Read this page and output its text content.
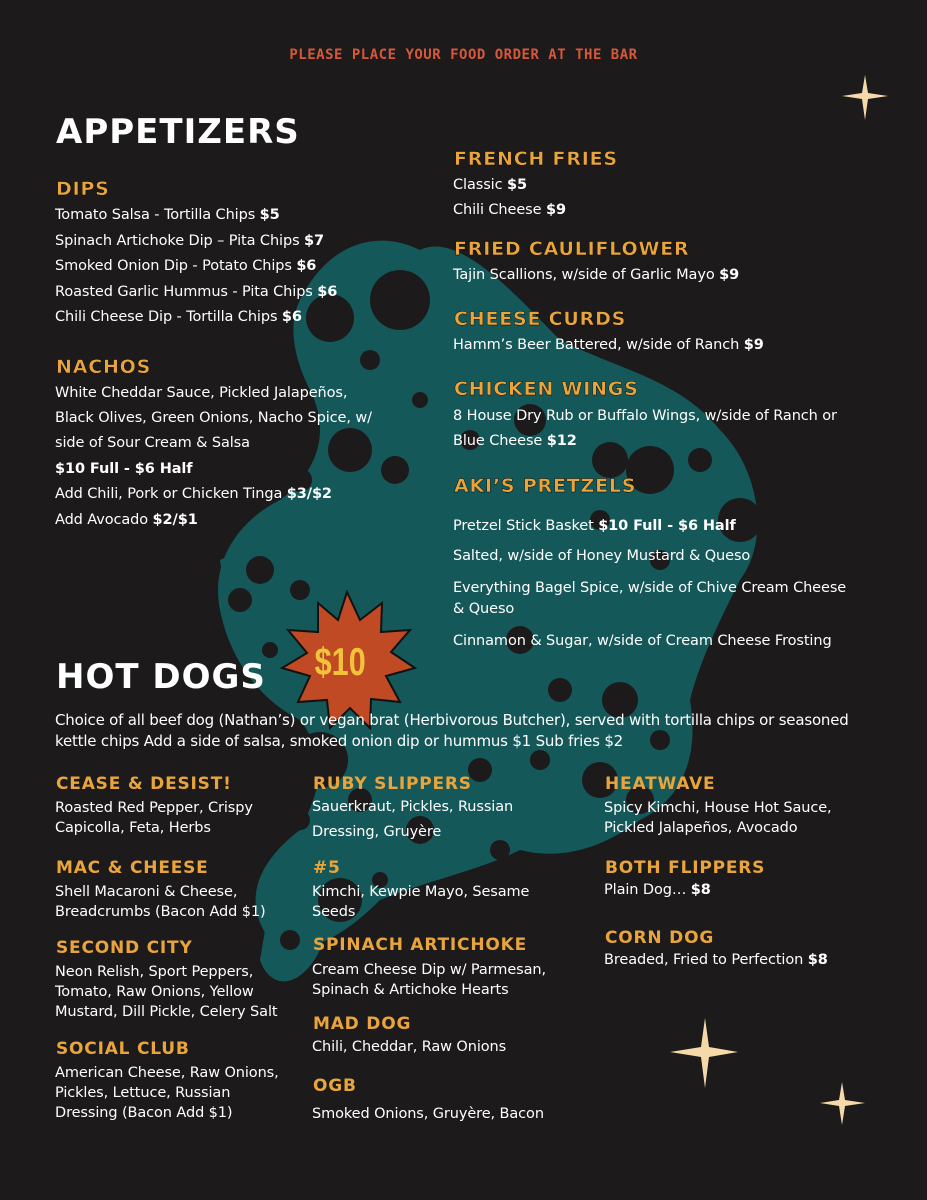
$10
PLEASE PLACE YOUR FOOD ORDER AT THE BAR
APPETIZERS
DIPS
Tomato Salsa - Tortilla Chips $5
Spinach Artichoke Dip – Pita Chips $7
Smoked Onion Dip - Potato Chips $6
Roasted Garlic Hummus - Pita Chips $6
Chili Cheese Dip - Tortilla Chips $6
NACHOS
White Cheddar Sauce, Pickled Jalapeños,
Black Olives, Green Onions, Nacho Spice, w/
side of Sour Cream & Salsa
$10 Full - $6 Half
Add Chili, Pork or Chicken Tinga $3/$2
Add Avocado $2/$1
FRENCH FRIES
Classic $5
Chili Cheese $9
FRIED CAULIFLOWER
Tajin Scallions, w/side of Garlic Mayo $9
CHEESE CURDS
Hamm’s Beer Battered, w/side of Ranch $9
CHICKEN WINGS
8 House Dry Rub or Buffalo Wings, w/side of Ranch or
Blue Cheese $12
AKI’S PRETZELS
Pretzel Stick Basket $10 Full - $6 Half
Salted, w/side of Honey Mustard & Queso
Everything Bagel Spice, w/side of Chive Cream Cheese
& Queso
Cinnamon & Sugar, w/side of Cream Cheese Frosting
HOT DOGS
Choice of all beef dog (Nathan’s) or vegan brat (Herbivorous Butcher), served with tortilla chips or seasoned
kettle chips Add a side of salsa, smoked onion dip or hummus $1 Sub fries $2
CEASE & DESIST!
Roasted Red Pepper, Crispy Capicolla, Feta, Herbs
MAC & CHEESE
Shell Macaroni & Cheese, Breadcrumbs (Bacon Add $1)
SECOND CITY
Neon Relish, Sport Peppers, Tomato, Raw Onions, Yellow Mustard, Dill Pickle, Celery Salt
SOCIAL CLUB
American Cheese, Raw Onions, Pickles, Lettuce, Russian Dressing (Bacon Add $1)
RUBY SLIPPERS
Sauerkraut, Pickles, Russian
Dressing, Gruyère
#5
Kimchi, Kewpie Mayo, Sesame Seeds
SPINACH ARTICHOKE
Cream Cheese Dip w/ Parmesan, Spinach & Artichoke Hearts
MAD DOG
Chili, Cheddar, Raw Onions
OGB
Smoked Onions, Gruyère, Bacon
HEATWAVE
Spicy Kimchi, House Hot Sauce, Pickled Jalapeños, Avocado
BOTH FLIPPERS
Plain Dog… $8
CORN DOG
Breaded, Fried to Perfection $8
